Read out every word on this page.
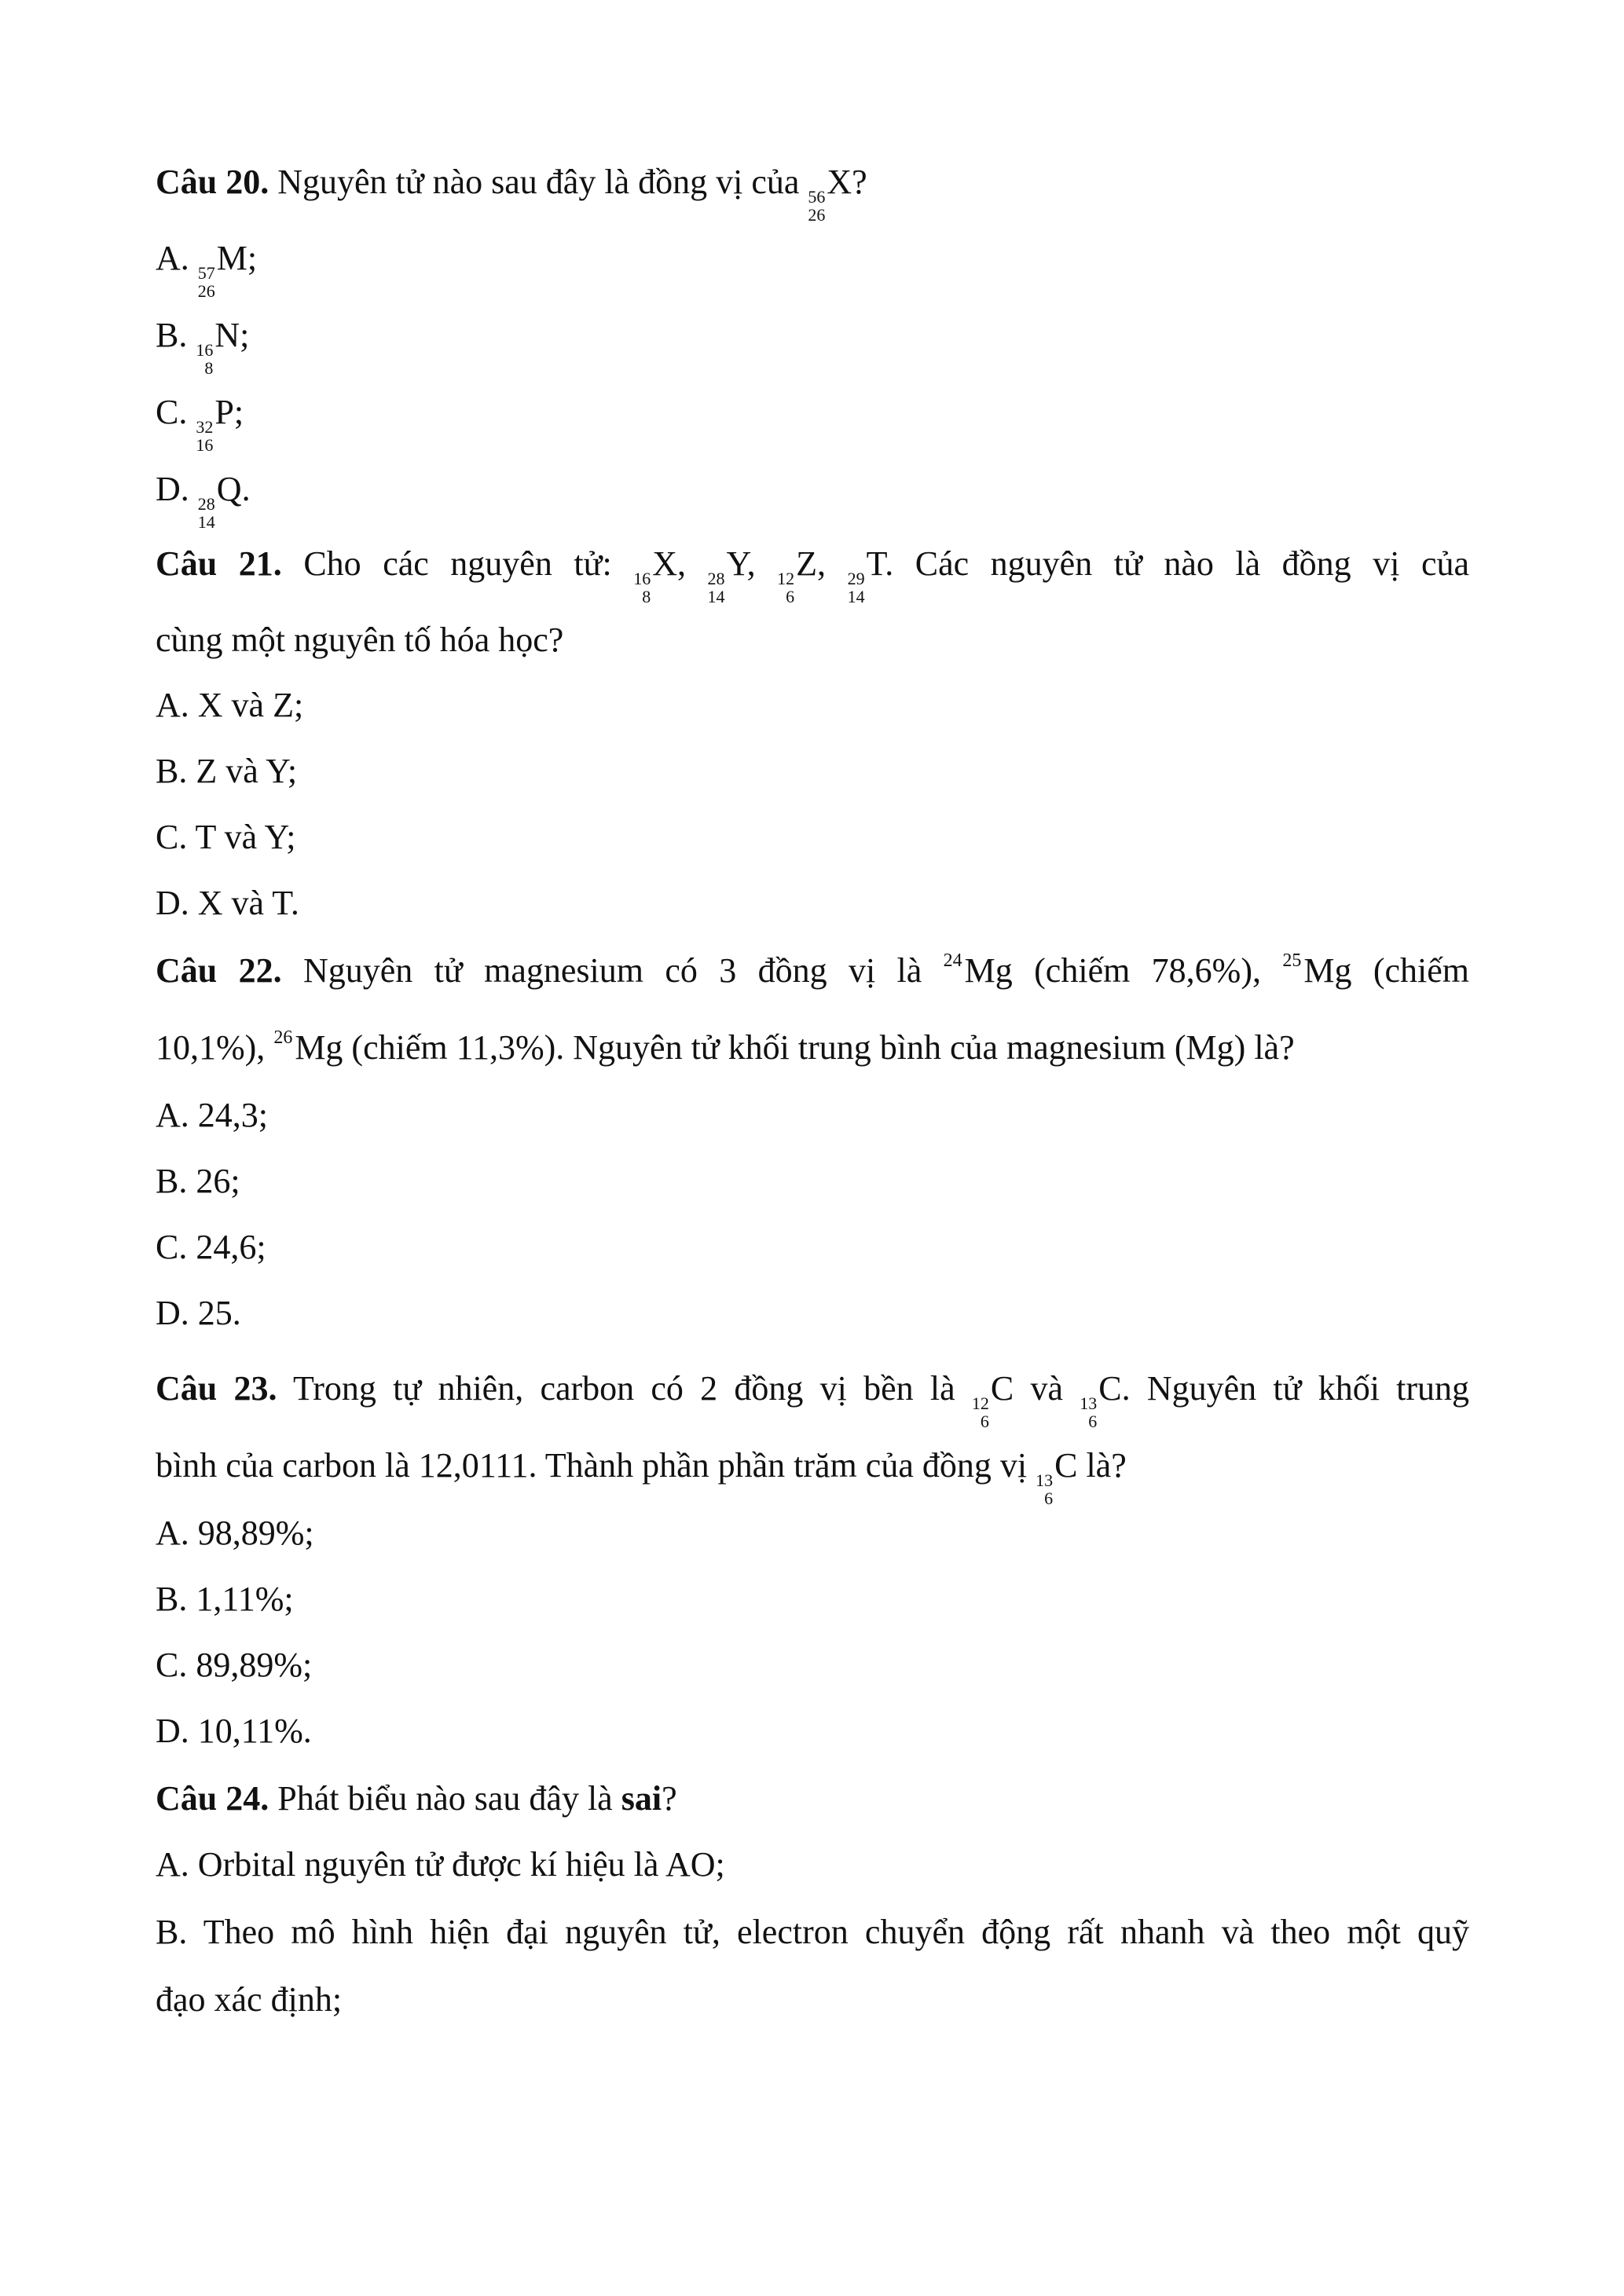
Câu 20. Nguyên tử nào sau đây là đồng vị của 56
26
X?
A. 57
26
M;
B. 16
8
N;
C. 32
16
P;
D. 28
14
Q.
Câu 21. Cho các nguyên tử: 16
8
X, 28
14
Y, 12
6
Z, 29
14
T. Các nguyên tử nào là đồng vị của
cùng một nguyên tố hóa học?
A. X và Z;
B. Z và Y;
C. T và Y;
D. X và T.
Câu 22. Nguyên tử magnesium có 3 đồng vị là $^{24}$Mg (chiếm 78,6%), $^{25}$Mg (chiếm
10,1%), $^{26}$Mg (chiếm 11,3%). Nguyên tử khối trung bình của magnesium (Mg) là?
A. 24,3;
B. 26;
C. 24,6;
D. 25.
Câu 23. Trong tự nhiên, carbon có 2 đồng vị bền là 12
6
C và 13
6
C. Nguyên tử khối trung
bình của carbon là 12,0111. Thành phần phần trăm của đồng vị 13
6
C là?
A. 98,89%;
B. 1,11%;
C. 89,89%;
D. 10,11%.
Câu 24. Phát biểu nào sau đây là sai?
A. Orbital nguyên tử được kí hiệu là AO;
B. Theo mô hình hiện đại nguyên tử, electron chuyển động rất nhanh và theo một quỹ
đạo xác định;
